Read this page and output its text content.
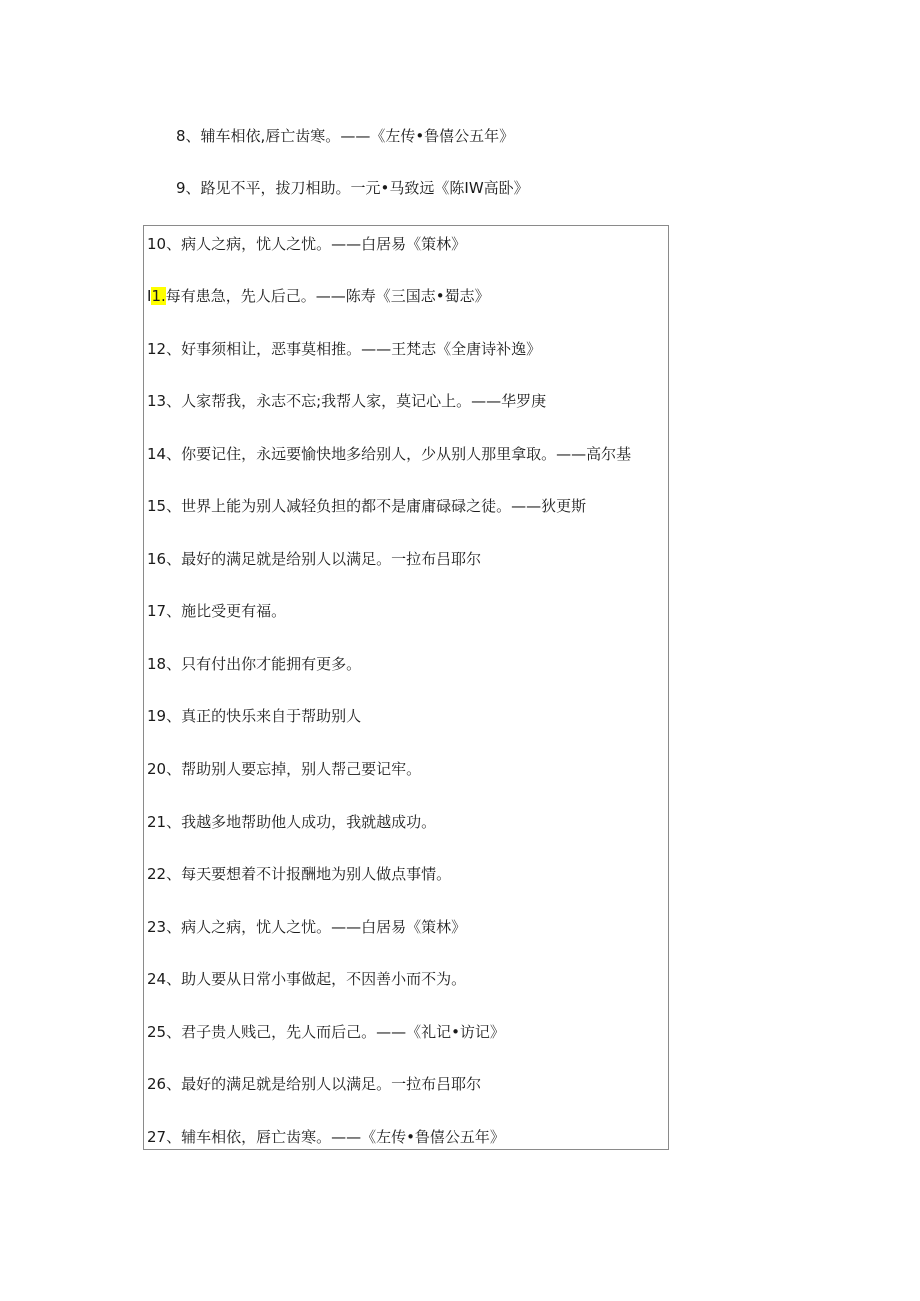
8、辅车相依,唇亡齿寒。——《左传•鲁僖公五年》
9、路见不平，拔刀相助。一元•马致远《陈IW高卧》
10、病人之病，忧人之忧。——白居易《策林》
I1.每有患急，先人后己。——陈寿《三国志•蜀志》
12、好事须相让，恶事莫相推。——王梵志《全唐诗补逸》
13、人家帮我，永志不忘;我帮人家，莫记心上。——华罗庚
14、你要记住，永远要愉快地多给别人，少从别人那里拿取。——高尔基
15、世界上能为别人减轻负担的都不是庸庸碌碌之徒。——狄更斯
16、最好的满足就是给别人以满足。一拉布吕耶尔
17、施比受更有福。
18、只有付出你才能拥有更多。
19、真正的快乐来自于帮助别人
20、帮助别人要忘掉，别人帮己要记牢。
21、我越多地帮助他人成功，我就越成功。
22、每天要想着不计报酬地为别人做点事情。
23、病人之病，忧人之忧。——白居易《策林》
24、助人要从日常小事做起，不因善小而不为。
25、君子贵人贱己，先人而后己。——《礼记•访记》
26、最好的满足就是给别人以满足。一拉布吕耶尔
27、辅车相依，唇亡齿寒。——《左传•鲁僖公五年》
